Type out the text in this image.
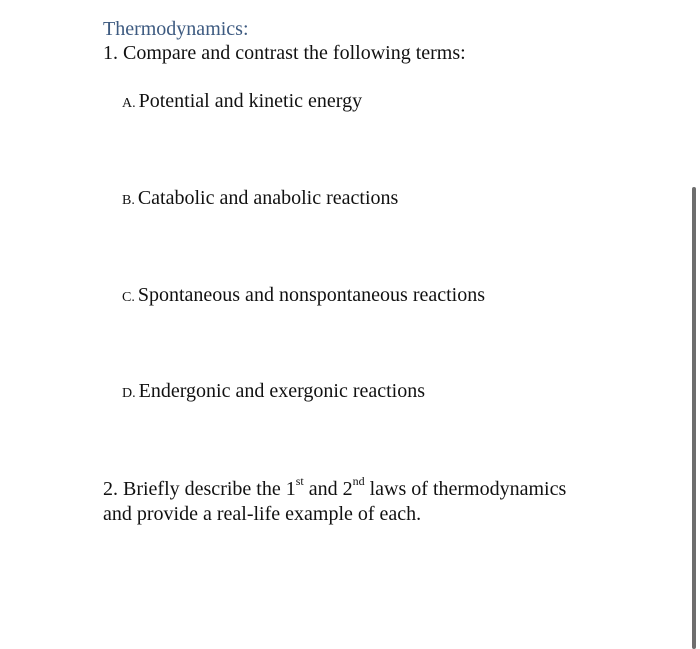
Thermodynamics:
1. Compare and contrast the following terms:
A. Potential and kinetic energy
B. Catabolic and anabolic reactions
C. Spontaneous and nonspontaneous reactions
D. Endergonic and exergonic reactions
2. Briefly describe the 1st and 2nd laws of thermodynamics
and provide a real-life example of each.
